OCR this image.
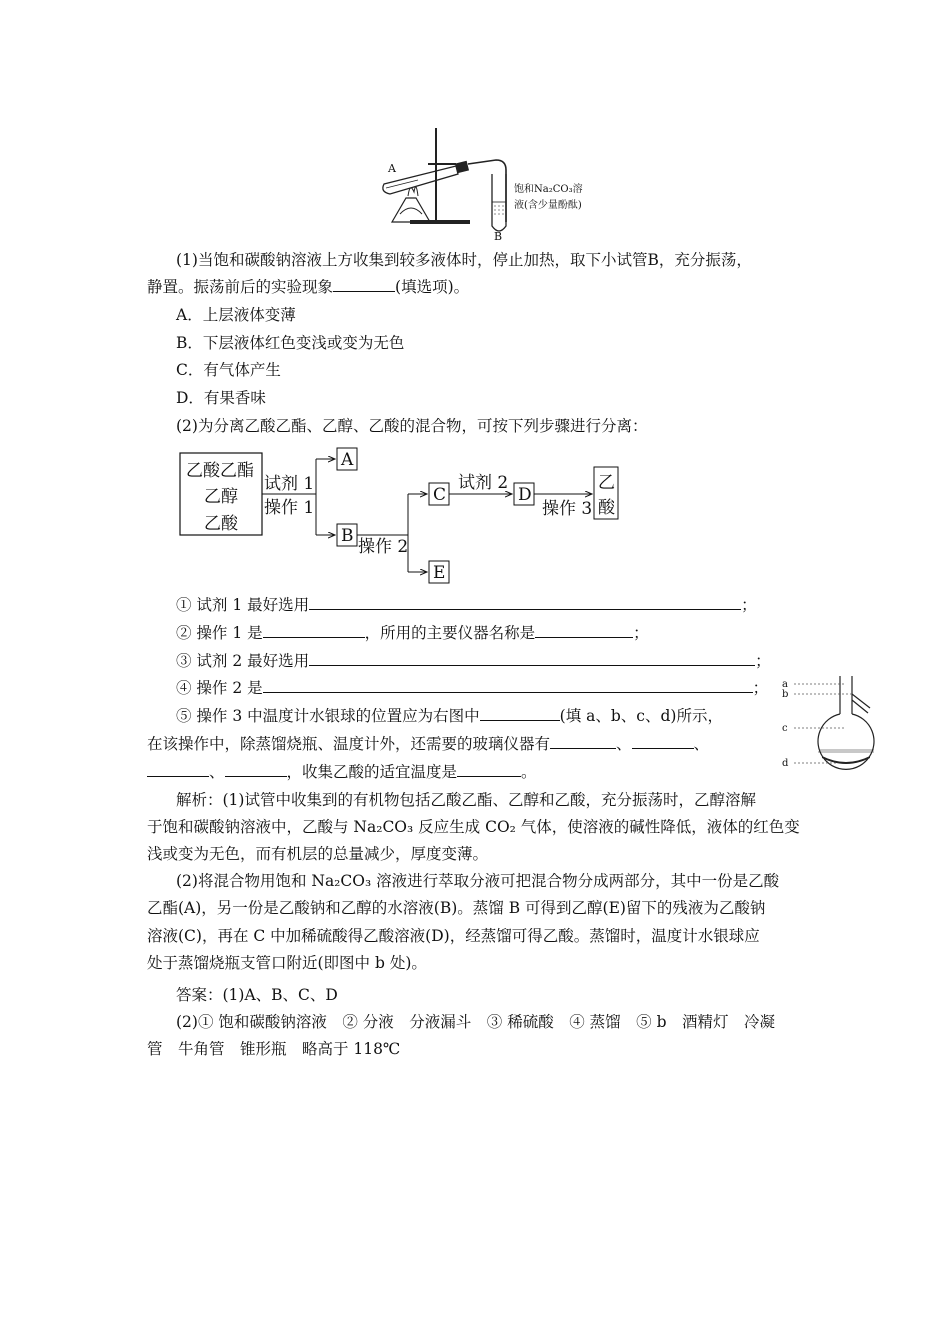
A
B
饱和Na₂CO₃溶
液(含少量酚酞)
(1)当饱和碳酸钠溶液上方收集到较多液体时，停止加热，取下小试管B，充分振荡，
静置。振荡前后的实验现象	(填选项)。
A．上层液体变薄
B．下层液体红色变浅或变为无色
C．有气体产生
D．有果香味
(2)为分离乙酸乙酯、乙醇、乙酸的混合物，可按下列步骤进行分离：
乙酸乙酯
乙醇
乙酸
试剂 1
操作 1
A
B
操作 2
C
E
试剂 2
D
操作 3
乙
酸
① 试剂 1 最好选用	；
② 操作 1 是	，所用的主要仪器名称是	；
③ 试剂 2 最好选用	；
④ 操作 2 是	；
⑤ 操作 3 中温度计水银球的位置应为右图中	(填 a、b、c、d)所示，
在该操作中，除蒸馏烧瓶、温度计外，还需要的玻璃仪器有	、	、
、	，收集乙酸的适宜温度是	。
a
b
c
d
解析：(1)试管中收集到的有机物包括乙酸乙酯、乙醇和乙酸，充分振荡时，乙醇溶解
于饱和碳酸钠溶液中，乙酸与 Na₂CO₃ 反应生成 CO₂ 气体，使溶液的碱性降低，液体的红色变
浅或变为无色，而有机层的总量减少，厚度变薄。
(2)将混合物用饱和 Na₂CO₃ 溶液进行萃取分液可把混合物分成两部分，其中一份是乙酸
乙酯(A)，另一份是乙酸钠和乙醇的水溶液(B)。蒸馏 B 可得到乙醇(E)留下的残液为乙酸钠
溶液(C)，再在 C 中加稀硫酸得乙酸溶液(D)，经蒸馏可得乙酸。蒸馏时，温度计水银球应
处于蒸馏烧瓶支管口附近(即图中 b 处)。
答案：(1)A、B、C、D
(2)① 饱和碳酸钠溶液　② 分液　分液漏斗　③ 稀硫酸　④ 蒸馏　⑤ b　酒精灯　冷凝
管　牛角管　锥形瓶　略高于 118℃
